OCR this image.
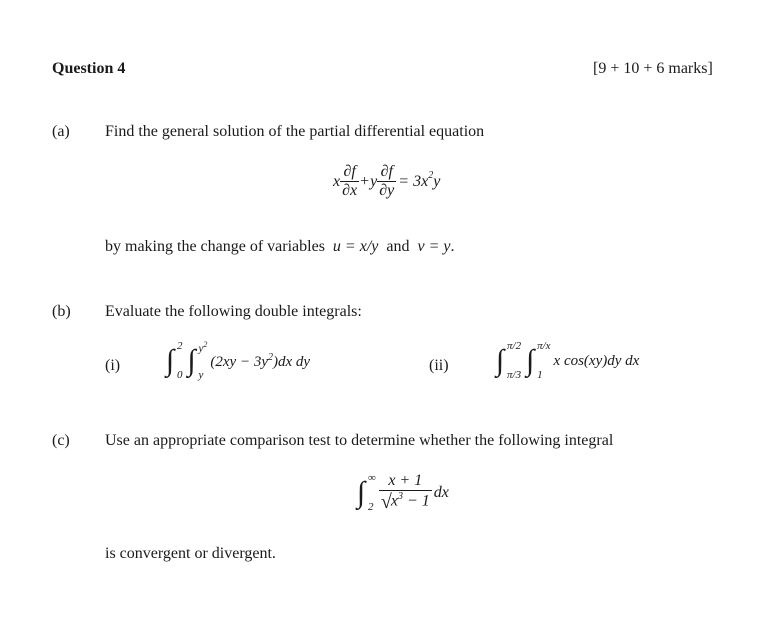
Question 4	[9 + 10 + 6 marks]
(a) Find the general solution of the partial differential equation
x $\frac{\partial f}{\partial x} + y \frac{\partial f}{\partial y} = 3x^2$ y
by making the change of variables u = x/y and v = y.
(b) Evaluate the following double integrals:
(i) ∫ 2
0 ∫ $y^2$
y
$(2xy - 3y^2)dx$ dy	(ii) ∫ π/2
π/3 ∫ π/x
1
x cos(xy)dy dx
(c) Use an appropriate comparison test to determine whether the following integral
∫ ∞
$2 \frac{x + 1}{√ x^3 - 1}$ dx
is convergent or divergent.
